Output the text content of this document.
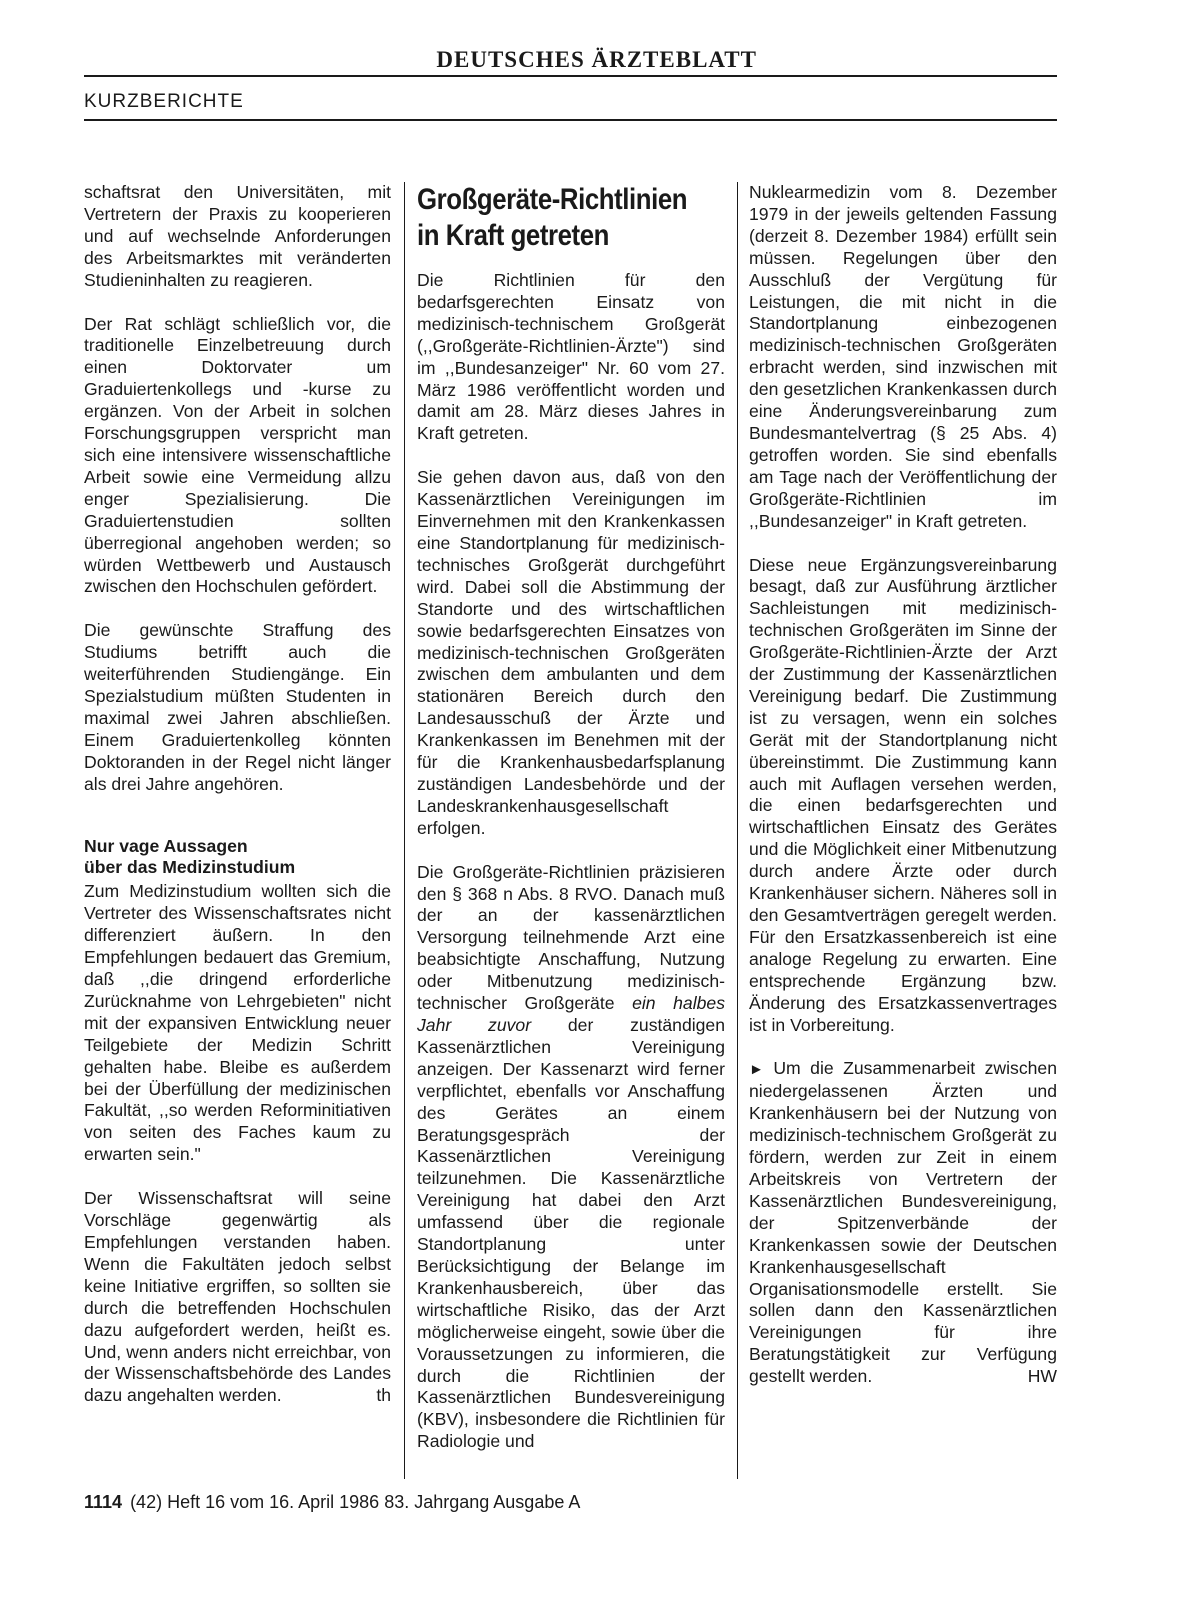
DEUTSCHES ÄRZTEBLATT
KURZBERICHTE

schaftsrat den Universitäten, mit Vertretern der Praxis zu kooperieren und auf wechselnde Anforderungen des Arbeitsmarktes mit veränderten Studieninhalten zu reagieren.

Der Rat schlägt schließlich vor, die traditionelle Einzelbetreuung durch einen Doktorvater um Graduiertenkollegs und -kurse zu ergänzen. Von der Arbeit in solchen Forschungsgruppen verspricht man sich eine intensivere wissenschaftliche Arbeit sowie eine Vermeidung allzu enger Spezialisierung. Die Graduiertenstudien sollten überregional angehoben werden; so würden Wettbewerb und Austausch zwischen den Hochschulen gefördert.

Die gewünschte Straffung des Studiums betrifft auch die weiterführenden Studiengänge. Ein Spezialstudium müßten Studenten in maximal zwei Jahren abschließen. Einem Graduiertenkolleg könnten Doktoranden in der Regel nicht länger als drei Jahre angehören.

Nur vage Aussagen
über das Medizinstudium

Zum Medizinstudium wollten sich die Vertreter des Wissenschaftsrates nicht differenziert äußern. In den Empfehlungen bedauert das Gremium, daß ,,die dringend erforderliche Zurücknahme von Lehrgebieten" nicht mit der expansiven Entwicklung neuer Teilgebiete der Medizin Schritt gehalten habe. Bleibe es außerdem bei der Überfüllung der medizinischen Fakultät, ,,so werden Reforminitiativen von seiten des Faches kaum zu erwarten sein."

Der Wissenschaftsrat will seine Vorschläge gegenwärtig als Empfehlungen verstanden haben. Wenn die Fakultäten jedoch selbst keine Initiative ergriffen, so sollten sie durch die betreffenden Hochschulen dazu aufgefordert werden, heißt es. Und, wenn anders nicht erreichbar, von der Wissenschaftsbehörde des Landes dazu angehalten werden.	th

Großgeräte-Richtlinien
in Kraft getreten

Die Richtlinien für den bedarfsgerechten Einsatz von medizinisch-technischem Großgerät (,,Großgeräte-Richtlinien-Ärzte") sind im ,,Bundesanzeiger" Nr. 60 vom 27. März 1986 veröffentlicht worden und damit am 28. März dieses Jahres in Kraft getreten.

Sie gehen davon aus, daß von den Kassenärztlichen Vereinigungen im Einvernehmen mit den Krankenkassen eine Standortplanung für medizinisch-technisches Großgerät durchgeführt wird. Dabei soll die Abstimmung der Standorte und des wirtschaftlichen sowie bedarfsgerechten Einsatzes von medizinisch-technischen Großgeräten zwischen dem ambulanten und dem stationären Bereich durch den Landesausschuß der Ärzte und Krankenkassen im Benehmen mit der für die Krankenhausbedarfsplanung zuständigen Landesbehörde und der Landeskrankenhausgesellschaft erfolgen.

Die Großgeräte-Richtlinien präzisieren den § 368 n Abs. 8 RVO. Danach muß der an der kassenärztlichen Versorgung teilnehmende Arzt eine beabsichtigte Anschaffung, Nutzung oder Mitbenutzung medizinisch-technischer Großgeräte ein halbes Jahr zuvor der zuständigen Kassenärztlichen Vereinigung anzeigen. Der Kassenarzt wird ferner verpflichtet, ebenfalls vor Anschaffung des Gerätes an einem Beratungsgespräch der Kassenärztlichen Vereinigung teilzunehmen. Die Kassenärztliche Vereinigung hat dabei den Arzt umfassend über die regionale Standortplanung unter Berücksichtigung der Belange im Krankenhausbereich, über das wirtschaftliche Risiko, das der Arzt möglicherweise eingeht, sowie über die Voraussetzungen zu informieren, die durch die Richtlinien der Kassenärztlichen Bundesvereinigung (KBV), insbesondere die Richtlinien für Radiologie und

Nuklearmedizin vom 8. Dezember 1979 in der jeweils geltenden Fassung (derzeit 8. Dezember 1984) erfüllt sein müssen. Regelungen über den Ausschluß der Vergütung für Leistungen, die mit nicht in die Standortplanung einbezogenen medizinisch-technischen Großgeräten erbracht werden, sind inzwischen mit den gesetzlichen Krankenkassen durch eine Änderungsvereinbarung zum Bundesmantelvertrag (§ 25 Abs. 4) getroffen worden. Sie sind ebenfalls am Tage nach der Veröffentlichung der Großgeräte-Richtlinien im ,,Bundesanzeiger" in Kraft getreten.

Diese neue Ergänzungsvereinbarung besagt, daß zur Ausführung ärztlicher Sachleistungen mit medizinisch-technischen Großgeräten im Sinne der Großgeräte-Richtlinien-Ärzte der Arzt der Zustimmung der Kassenärztlichen Vereinigung bedarf. Die Zustimmung ist zu versagen, wenn ein solches Gerät mit der Standortplanung nicht übereinstimmt. Die Zustimmung kann auch mit Auflagen versehen werden, die einen bedarfsgerechten und wirtschaftlichen Einsatz des Gerätes und die Möglichkeit einer Mitbenutzung durch andere Ärzte oder durch Krankenhäuser sichern. Näheres soll in den Gesamtverträgen geregelt werden. Für den Ersatzkassenbereich ist eine analoge Regelung zu erwarten. Eine entsprechende Ergänzung bzw. Änderung des Ersatzkassenvertrages ist in Vorbereitung.

► Um die Zusammenarbeit zwischen niedergelassenen Ärzten und Krankenhäusern bei der Nutzung von medizinisch-technischem Großgerät zu fördern, werden zur Zeit in einem Arbeitskreis von Vertretern der Kassenärztlichen Bundesvereinigung, der Spitzenverbände der Krankenkassen sowie der Deutschen Krankenhausgesellschaft Organisationsmodelle erstellt. Sie sollen dann den Kassenärztlichen Vereinigungen für ihre Beratungstätigkeit zur Verfügung gestellt werden.	HW

1114 (42) Heft 16 vom 16. April 1986 83. Jahrgang Ausgabe A
